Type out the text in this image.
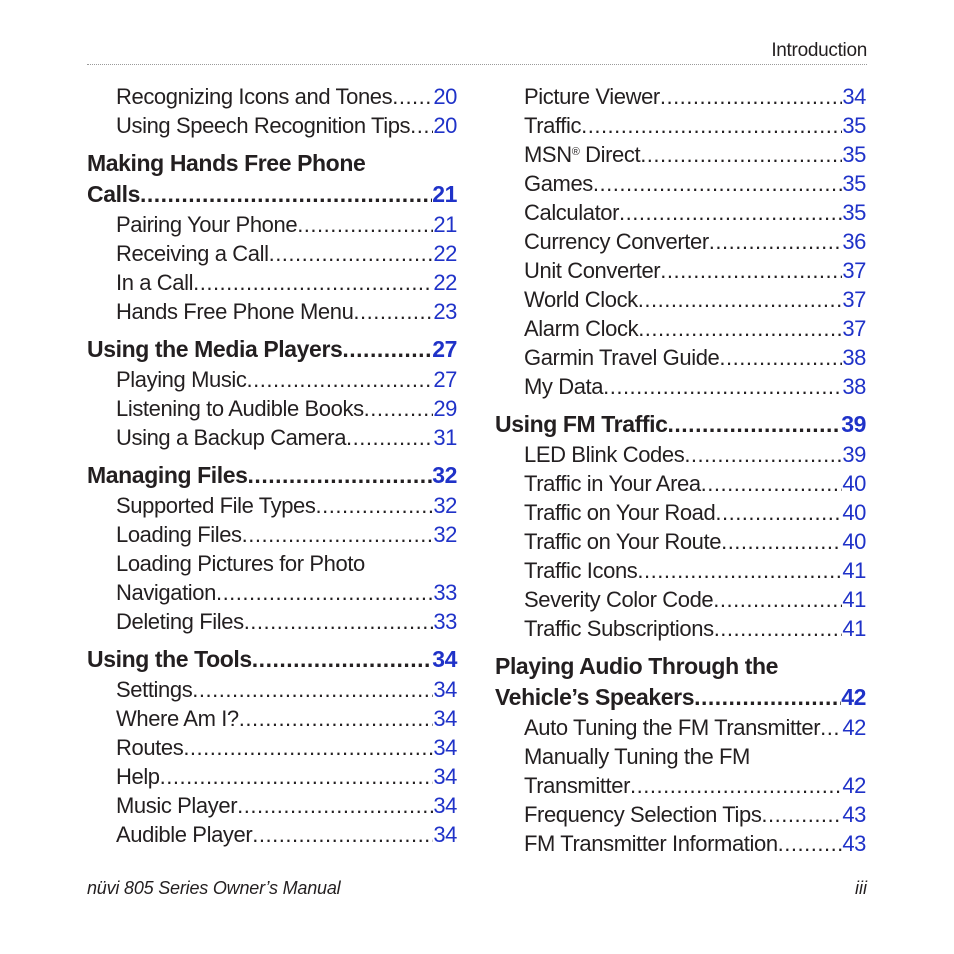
Introduction
Recognizing Icons and Tones ..... 20
Using Speech Recognition Tips ..... 20
Making Hands Free Phone
Calls .....	21
Pairing Your Phone .....	21
Receiving a Call .....	22
In a Call .....	22
Hands Free Phone Menu .....	23
Using the Media Players .....	27
Playing Music .....	27
Listening to Audible Books .....	29
Using a Backup Camera .....	31
Managing Files .....	32
Supported File Types .....	32
Loading Files .....	32
Loading Pictures for Photo
Navigation .....	33
Deleting Files .....	33
Using the Tools .....	34
Settings .....	34
Where Am I? .....	34
Routes .....	34
Help .....	34
Music Player .....	34
Audible Player .....	34
Picture Viewer .....	34
Traffic .....	35
MSN® Direct .....	35
Games .....	35
Calculator .....	35
Currency Converter .....	36
Unit Converter .....	37
World Clock .....	37
Alarm Clock .....	37
Garmin Travel Guide .....	38
My Data .....	38
Using FM Traffic .....	39
LED Blink Codes .....	39
Traffic in Your Area .....	40
Traffic on Your Road .....	40
Traffic on Your Route .....	40
Traffic Icons .....	41
Severity Color Code .....	41
Traffic Subscriptions .....	41
Playing Audio Through the
Vehicle’s Speakers .....	42
Auto Tuning the FM Transmitter ..... 42
Manually Tuning the FM
Transmitter .....	42
Frequency Selection Tips .....	43
FM Transmitter Information .....	43
nüvi 805 Series Owner’s Manual	iii
